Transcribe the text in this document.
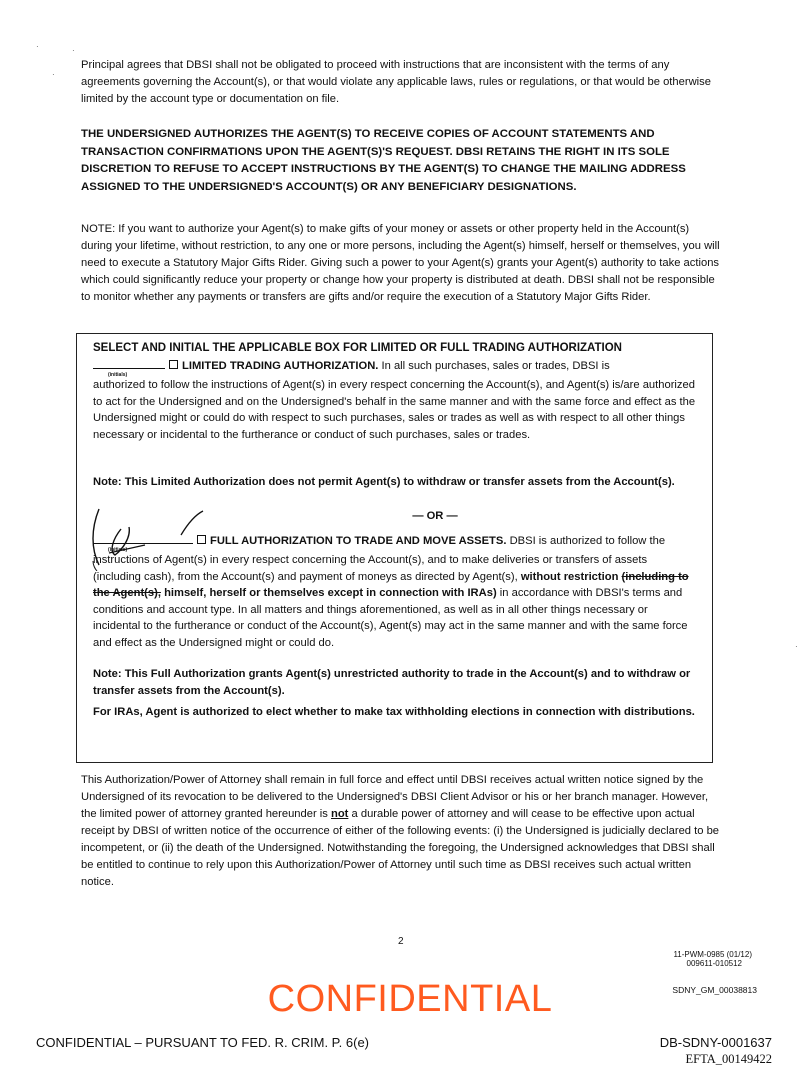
·	·
·
·

Principal agrees that DBSI shall not be obligated to proceed with instructions that are inconsistent with the terms of any agreements governing the Account(s), or that would violate any applicable laws, rules or regulations, or that would be otherwise limited by the account type or documentation on file.

THE UNDERSIGNED AUTHORIZES THE AGENT(S) TO RECEIVE COPIES OF ACCOUNT STATEMENTS AND TRANSACTION CONFIRMATIONS UPON THE AGENT(S)'S REQUEST. DBSI RETAINS THE RIGHT IN ITS SOLE DISCRETION TO REFUSE TO ACCEPT INSTRUCTIONS BY THE AGENT(S) TO CHANGE THE MAILING ADDRESS ASSIGNED TO THE UNDERSIGNED'S ACCOUNT(S) OR ANY BENEFICIARY DESIGNATIONS.

NOTE: If you want to authorize your Agent(s) to make gifts of your money or assets or other property held in the Account(s) during your lifetime, without restriction, to any one or more persons, including the Agent(s) himself, herself or themselves, you will need to execute a Statutory Major Gifts Rider. Giving such a power to your Agent(s) grants your Agent(s) authority to take actions which could significantly reduce your property or change how your property is distributed at death. DBSI shall not be responsible to monitor whether any payments or transfers are gifts and/or require the execution of a Statutory Major Gifts Rider.

SELECT AND INITIAL THE APPLICABLE BOX FOR LIMITED OR FULL TRADING AUTHORIZATION
LIMITED TRADING AUTHORIZATION. In all such purchases, sales or trades, DBSI is
(initials)
authorized to follow the instructions of Agent(s) in every respect concerning the Account(s), and Agent(s) is/are authorized to act for the Undersigned and on the Undersigned's behalf in the same manner and with the same force and effect as the Undersigned might or could do with respect to such purchases, sales or trades as well as with respect to all other things necessary or incidental to the furtherance or conduct of such purchases, sales or trades.
Note: This Limited Authorization does not permit Agent(s) to withdraw or transfer assets from the Account(s).
— OR —
FULL AUTHORIZATION TO TRADE AND MOVE ASSETS. DBSI is authorized to follow the
(initials)
instructions of Agent(s) in every respect concerning the Account(s), and to make deliveries or transfers of assets (including cash), from the Account(s) and payment of moneys as directed by Agent(s), without restriction (including to the Agent(s), himself, herself or themselves except in connection with IRAs) in accordance with DBSI's terms and conditions and account type. In all matters and things aforementioned, as well as in all other things necessary or incidental to the furtherance or conduct of the Account(s), Agent(s) may act in the same manner and with the same force and effect as the Undersigned might or could do.
Note: This Full Authorization grants Agent(s) unrestricted authority to trade in the Account(s) and to withdraw or transfer assets from the Account(s).
For IRAs, Agent is authorized to elect whether to make tax withholding elections in connection with distributions.

This Authorization/Power of Attorney shall remain in full force and effect until DBSI receives actual written notice signed by the Undersigned of its revocation to be delivered to the Undersigned's DBSI Client Advisor or his or her branch manager. However, the limited power of attorney granted hereunder is not a durable power of attorney and will cease to be effective upon actual receipt by DBSI of written notice of the occurrence of either of the following events: (i) the Undersigned is judicially declared to be incompetent, or (ii) the death of the Undersigned. Notwithstanding the foregoing, the Undersigned acknowledges that DBSI shall be entitled to continue to rely upon this Authorization/Power of Attorney until such time as DBSI receives such actual written notice.

2
11-PWM-0985 (01/12)
009611-010512
SDNY_GM_00038813
CONFIDENTIAL
CONFIDENTIAL – PURSUANT TO FED. R. CRIM. P. 6(e)	DB-SDNY-0001637
EFTA_00149422
